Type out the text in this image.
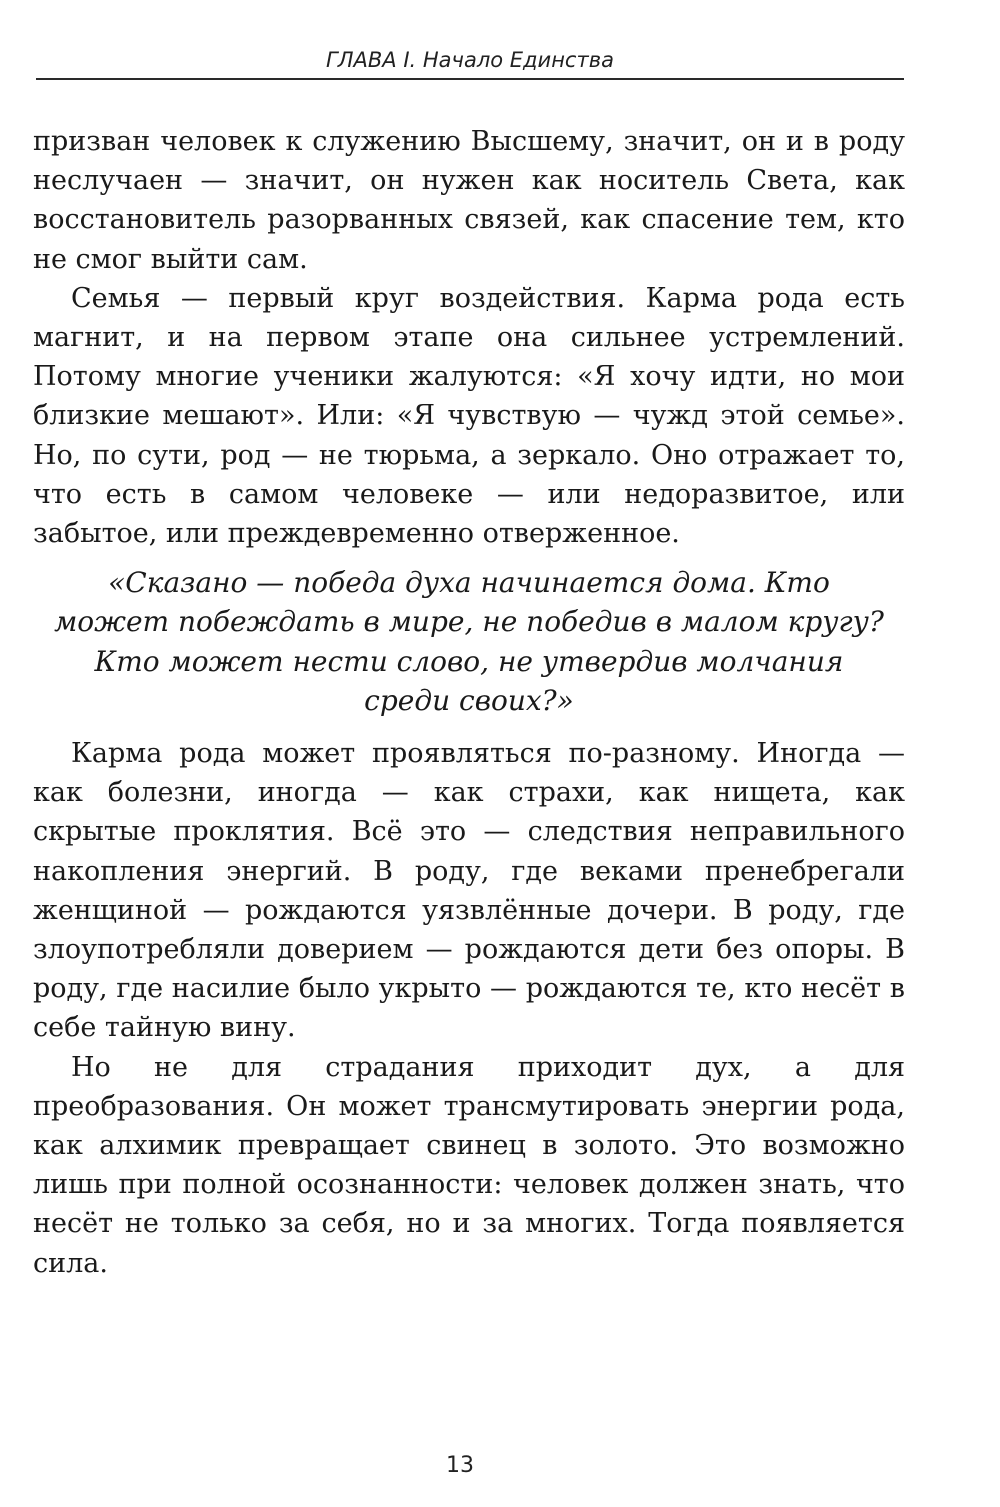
ГЛАВА I. Начало Единства

призван человек к служению Высшему, значит, он и в роду неслучаен — значит, он нужен как носитель Света, как восстановитель разорванных связей, как спасение тем, кто не смог выйти сам.

Семья — первый круг воздействия. Карма рода есть магнит, и на первом этапе она сильнее устремлений. Потому многие ученики жалуются: «Я хочу идти, но мои близкие мешают». Или: «Я чувствую — чужд этой семье». Но, по сути, род — не тюрьма, а зеркало. Оно отражает то, что есть в самом человеке — или недоразвитое, или забытое, или преждевременно отверженное.

«Сказано — победа духа начинается дома. Кто может побеждать в мире, не победив в малом кругу? Кто может нести слово, не утвердив молчания среди своих?»

Карма рода может проявляться по-разному. Иногда — как болезни, иногда — как страхи, как нищета, как скрытые проклятия. Всё это — следствия неправильного накопления энергий. В роду, где веками пренебрегали женщиной — рождаются уязвлённые дочери. В роду, где злоупотребляли доверием — рождаются дети без опоры. В роду, где насилие было укрыто — рождаются те, кто несёт в себе тайную вину.

Но не для страдания приходит дух, а для преобразования. Он может трансмутировать энергии рода, как алхимик превращает свинец в золото. Это возможно лишь при полной осознанности: человек должен знать, что несёт не только за себя, но и за многих. Тогда появляется сила.

13
